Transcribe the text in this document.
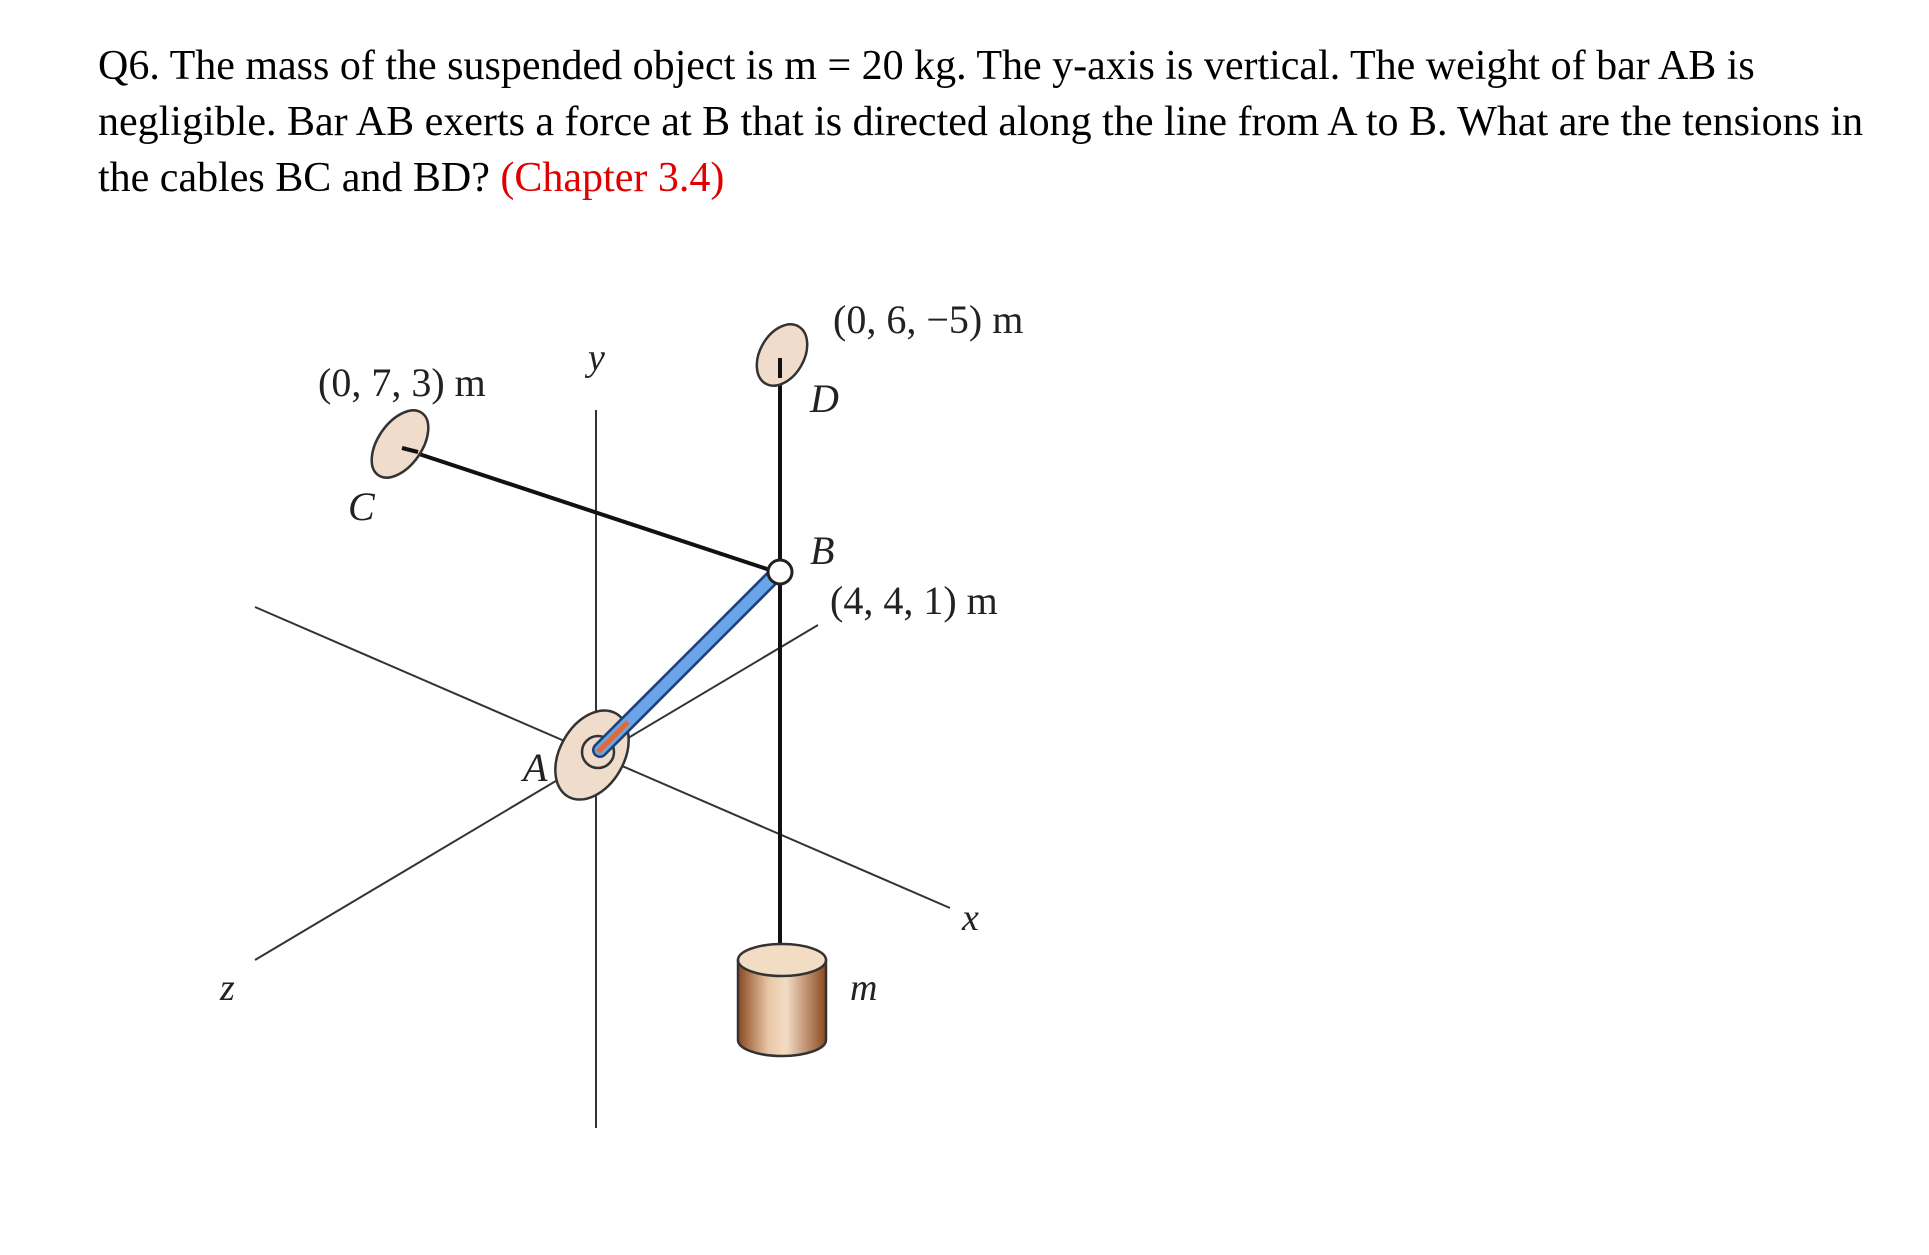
Q6. The mass of the suspended object is m = 20 kg. The y-axis is vertical. The weight of bar AB is negligible. Bar AB exerts a force at B that is directed along the line from A to B. What are the tensions in the cables BC and BD? (Chapter 3.4)

(0, 7, 3) m
(0, 6, −5) m
(4, 4, 1) m
C
D
B
A
m
x
y
z
